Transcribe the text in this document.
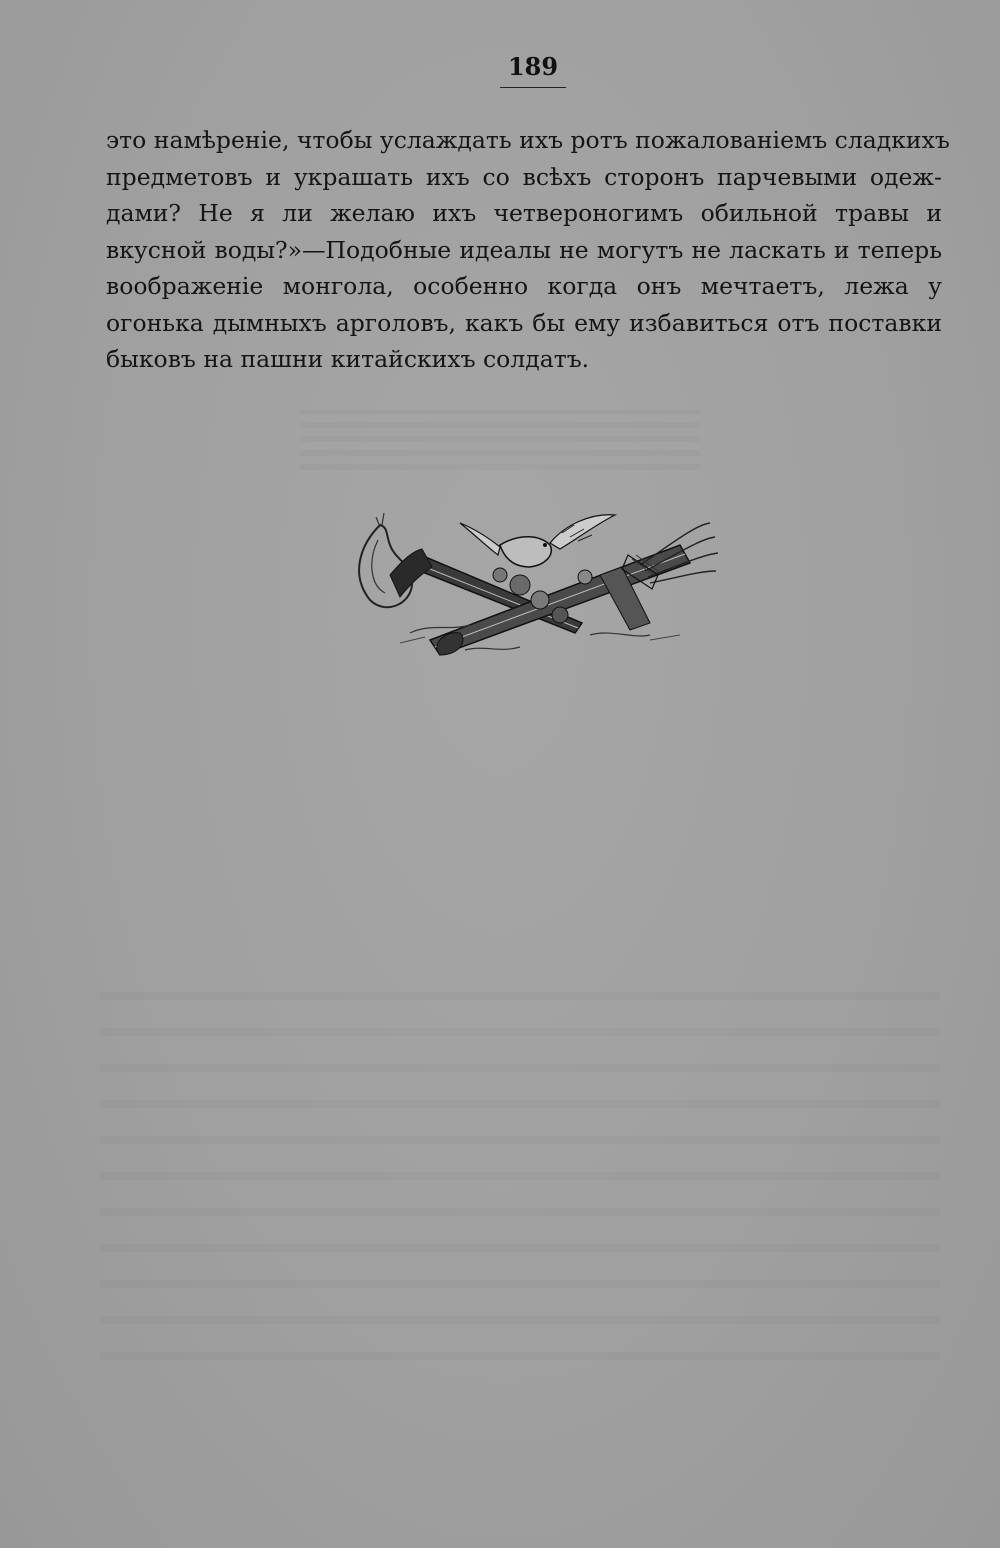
189
это намѣреніе, чтобы услаждать ихъ ротъ пожалованіемъ сладкихъ
предметовъ и украшать ихъ со всѣхъ сторонъ парчевыми одеж-
дами? Не я ли желаю ихъ четвероногимъ обильной травы и
вкусной воды?»—Подобные идеалы не могутъ не ласкать и теперь
воображеніе монгола, особенно когда онъ мечтаетъ, лежа у
огонька дымныхъ арголовъ, какъ бы ему избавиться отъ поставки
быковъ на пашни китайскихъ солдатъ.
